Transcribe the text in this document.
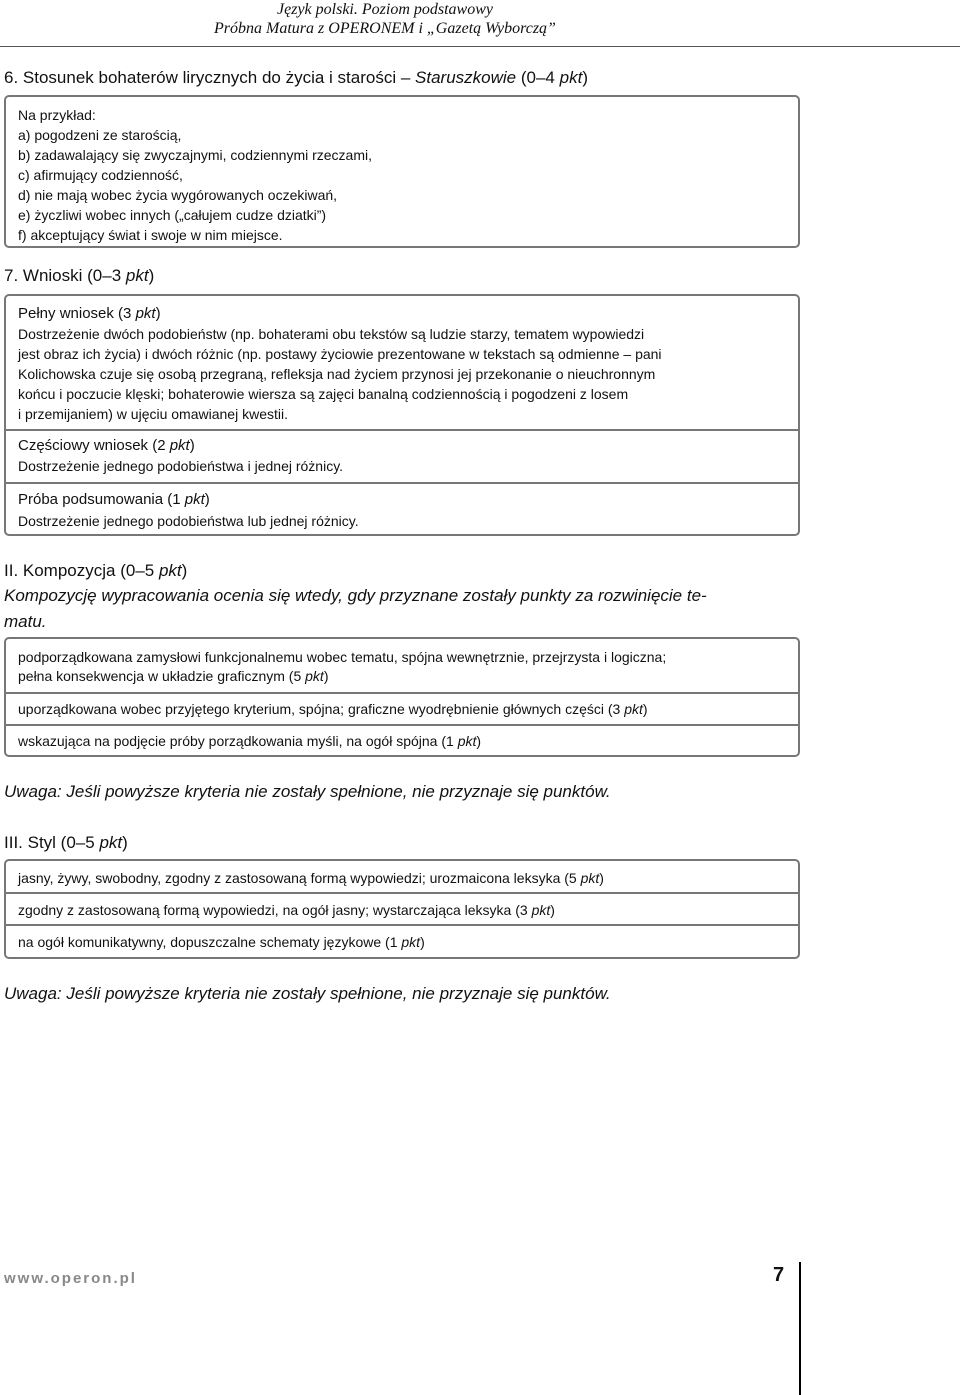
Język polski. Poziom podstawowy
Próbna Matura z OPERONEM i „Gazetą Wyborczą”
6. Stosunek bohaterów lirycznych do życia i starości – Staruszkowie (0–4 pkt)
Na przykład:
a) pogodzeni ze starością,
b) zadawalający się zwyczajnymi, codziennymi rzeczami,
c) afirmujący codzienność,
d) nie mają wobec życia wygórowanych oczekiwań,
e) życzliwi wobec innych („całujem cudze dziatki”)
f) akceptujący świat i swoje w nim miejsce.
7. Wnioski (0–3 pkt)
Pełny wniosek (3 pkt)
Dostrzeżenie dwóch podobieństw (np. bohaterami obu tekstów są ludzie starzy, tematem wypowiedzi
jest obraz ich życia) i dwóch różnic (np. postawy życiowie prezentowane w tekstach są odmienne – pani
Kolichowska czuje się osobą przegraną, refleksja nad życiem przynosi jej przekonanie o nieuchronnym
końcu i poczucie klęski; bohaterowie wiersza są zajęci banalną codziennością i pogodzeni z losem
i przemijaniem) w ujęciu omawianej kwestii.
Częściowy wniosek (2 pkt)
Dostrzeżenie jednego podobieństwa i jednej różnicy.
Próba podsumowania (1 pkt)
Dostrzeżenie jednego podobieństwa lub jednej różnicy.
II. Kompozycja (0–5 pkt)
Kompozycję wypracowania ocenia się wtedy, gdy przyznane zostały punkty za rozwinięcie te-
matu.
podporządkowana zamysłowi funkcjonalnemu wobec tematu, spójna wewnętrznie, przejrzysta i logiczna;
pełna konsekwencja w układzie graficznym (5 pkt)
uporządkowana wobec przyjętego kryterium, spójna; graficzne wyodrębnienie głównych części (3 pkt)
wskazująca na podjęcie próby porządkowania myśli, na ogół spójna (1 pkt)
Uwaga: Jeśli powyższe kryteria nie zostały spełnione, nie przyznaje się punktów.
III. Styl (0–5 pkt)
jasny, żywy, swobodny, zgodny z zastosowaną formą wypowiedzi; urozmaicona leksyka (5 pkt)
zgodny z zastosowaną formą wypowiedzi, na ogół jasny; wystarczająca leksyka (3 pkt)
na ogół komunikatywny, dopuszczalne schematy językowe (1 pkt)
Uwaga: Jeśli powyższe kryteria nie zostały spełnione, nie przyznaje się punktów.
www.operon.pl	7
